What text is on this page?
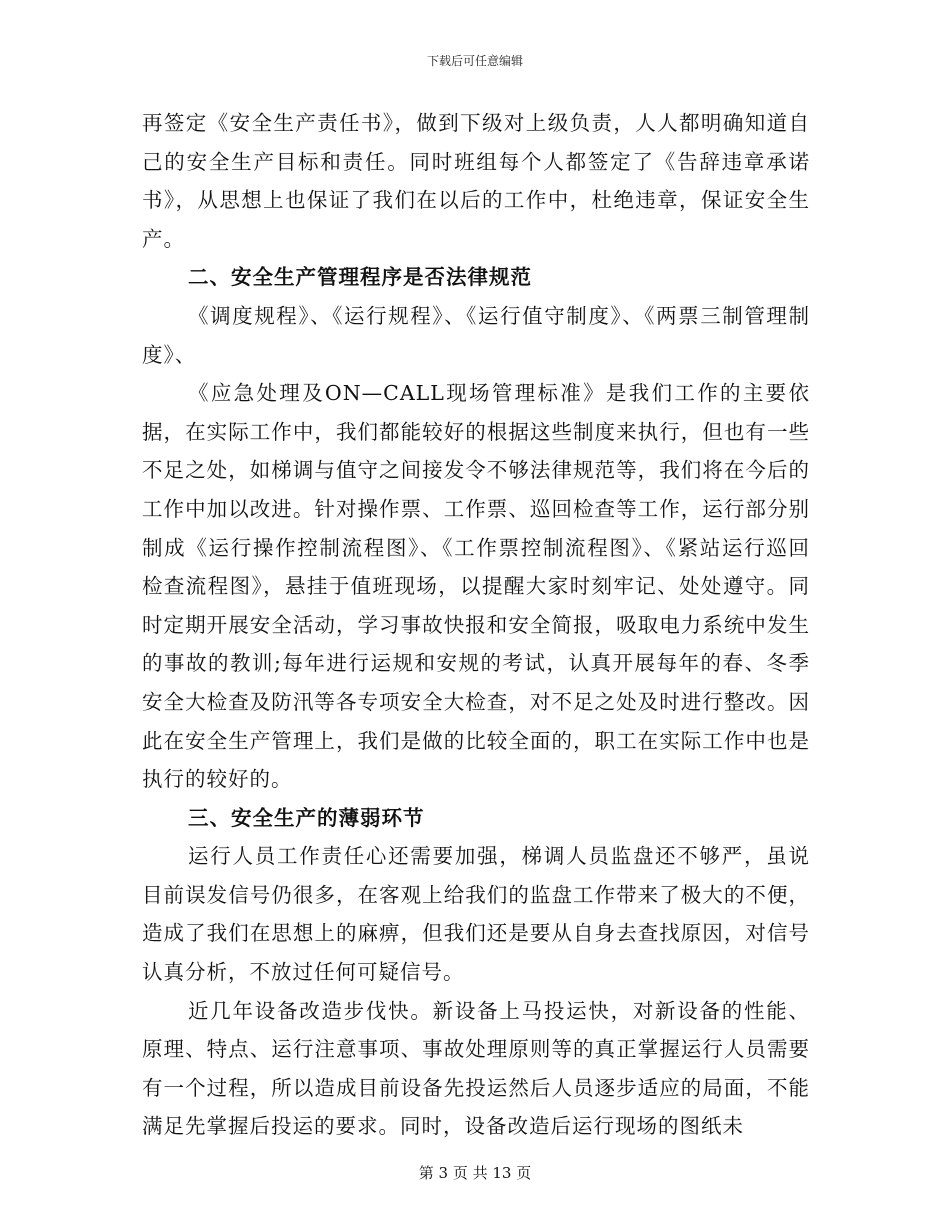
下载后可任意编辑

再签定《安全生产责任书》，做到下级对上级负责，人人都明确知道自己的安全生产目标和责任。同时班组每个人都签定了《告辞违章承诺书》，从思想上也保证了我们在以后的工作中，杜绝违章，保证安全生产。

二、安全生产管理程序是否法律规范

《调度规程》、《运行规程》、《运行值守制度》、《两票三制管理制度》、

《应急处理及ON—CALL现场管理标准》是我们工作的主要依据，在实际工作中，我们都能较好的根据这些制度来执行，但也有一些不足之处，如梯调与值守之间接发令不够法律规范等，我们将在今后的工作中加以改进。针对操作票、工作票、巡回检查等工作，运行部分别制成《运行操作控制流程图》、《工作票控制流程图》、《紧站运行巡回检查流程图》，悬挂于值班现场，以提醒大家时刻牢记、处处遵守。同时定期开展安全活动，学习事故快报和安全简报，吸取电力系统中发生的事故的教训;每年进行运规和安规的考试，认真开展每年的春、冬季安全大检查及防汛等各专项安全大检查，对不足之处及时进行整改。因此在安全生产管理上，我们是做的比较全面的，职工在实际工作中也是执行的较好的。

三、安全生产的薄弱环节

运行人员工作责任心还需要加强，梯调人员监盘还不够严，虽说目前误发信号仍很多，在客观上给我们的监盘工作带来了极大的不便，造成了我们在思想上的麻痹，但我们还是要从自身去查找原因，对信号认真分析，不放过任何可疑信号。

近几年设备改造步伐快。新设备上马投运快，对新设备的性能、原理、特点、运行注意事项、事故处理原则等的真正掌握运行人员需要有一个过程，所以造成目前设备先投运然后人员逐步适应的局面，不能满足先掌握后投运的要求。同时，设备改造后运行现场的图纸未

第 3 页 共 13 页
